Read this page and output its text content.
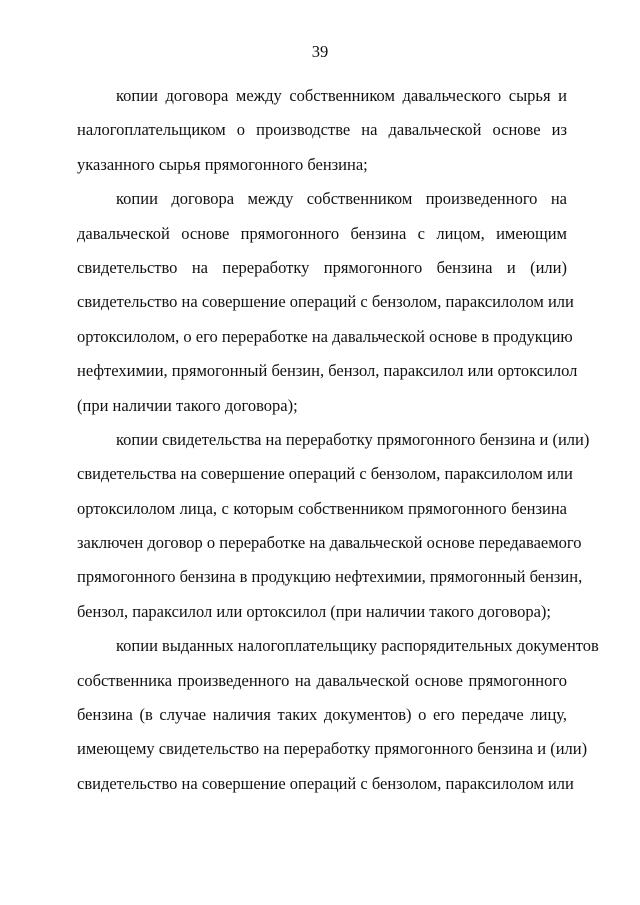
39
копии договора между собственником давальческого сырья и
налогоплательщиком о производстве на давальческой основе из
указанного сырья прямогонного бензина;
копии договора между собственником произведенного на
давальческой основе прямогонного бензина с лицом, имеющим
свидетельство на переработку прямогонного бензина и (или)
свидетельство на совершение операций с бензолом, параксилолом или
ортоксилолом, о его переработке на давальческой основе в продукцию
нефтехимии, прямогонный бензин, бензол, параксилол или ортоксилол
(при наличии такого договора);
копии свидетельства на переработку прямогонного бензина и (или)
свидетельства на совершение операций с бензолом, параксилолом или
ортоксилолом лица, с которым собственником прямогонного бензина
заключен договор о переработке на давальческой основе передаваемого
прямогонного бензина в продукцию нефтехимии, прямогонный бензин,
бензол, параксилол или ортоксилол (при наличии такого договора);
копии выданных налогоплательщику распорядительных документов
собственника произведенного на давальческой основе прямогонного
бензина (в случае наличия таких документов) о его передаче лицу,
имеющему свидетельство на переработку прямогонного бензина и (или)
свидетельство на совершение операций с бензолом, параксилолом или
